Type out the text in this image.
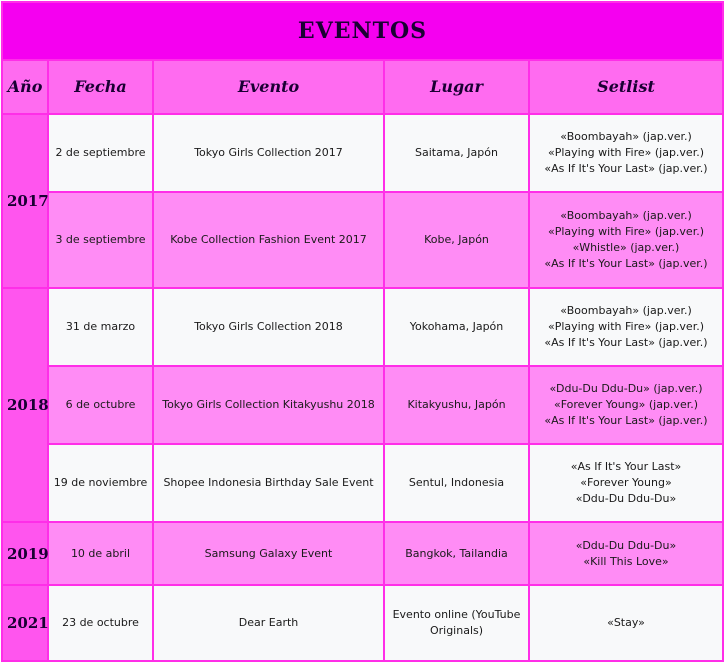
EVENTOS				
Año	Fecha	Evento	Lugar	Setlist
2017	2 de septiembre	Tokyo Girls Collection 2017	Saitama, Japón	«Boombayah» (jap.ver.)
«Playing with Fire» (jap.ver.)
«As If It's Your Last» (jap.ver.)

	3 de septiembre	Kobe Collection Fashion Event 2017	Kobe, Japón	«Boombayah» (jap.ver.)
«Playing with Fire» (jap.ver.)
«Whistle» (jap.ver.)
«As If It's Your Last» (jap.ver.)

2018	31 de marzo	Tokyo Girls Collection 2018	Yokohama, Japón	«Boombayah» (jap.ver.)
«Playing with Fire» (jap.ver.)
«As If It's Your Last» (jap.ver.)

	6 de octubre	Tokyo Girls Collection Kitakyushu 2018	Kitakyushu, Japón	«Ddu-Du Ddu-Du» (jap.ver.)
«Forever Young» (jap.ver.)
«As If It's Your Last» (jap.ver.)

	19 de noviembre	Shopee Indonesia Birthday Sale Event	Sentul, Indonesia	«As If It's Your Last»
«Forever Young»
«Ddu-Du Ddu-Du»

2019	10 de abril	Samsung Galaxy Event	Bangkok, Tailandia	«Ddu-Du Ddu-Du»
«Kill This Love»

2021	23 de octubre	Dear Earth	Evento online (YouTube Originals)	«Stay»
